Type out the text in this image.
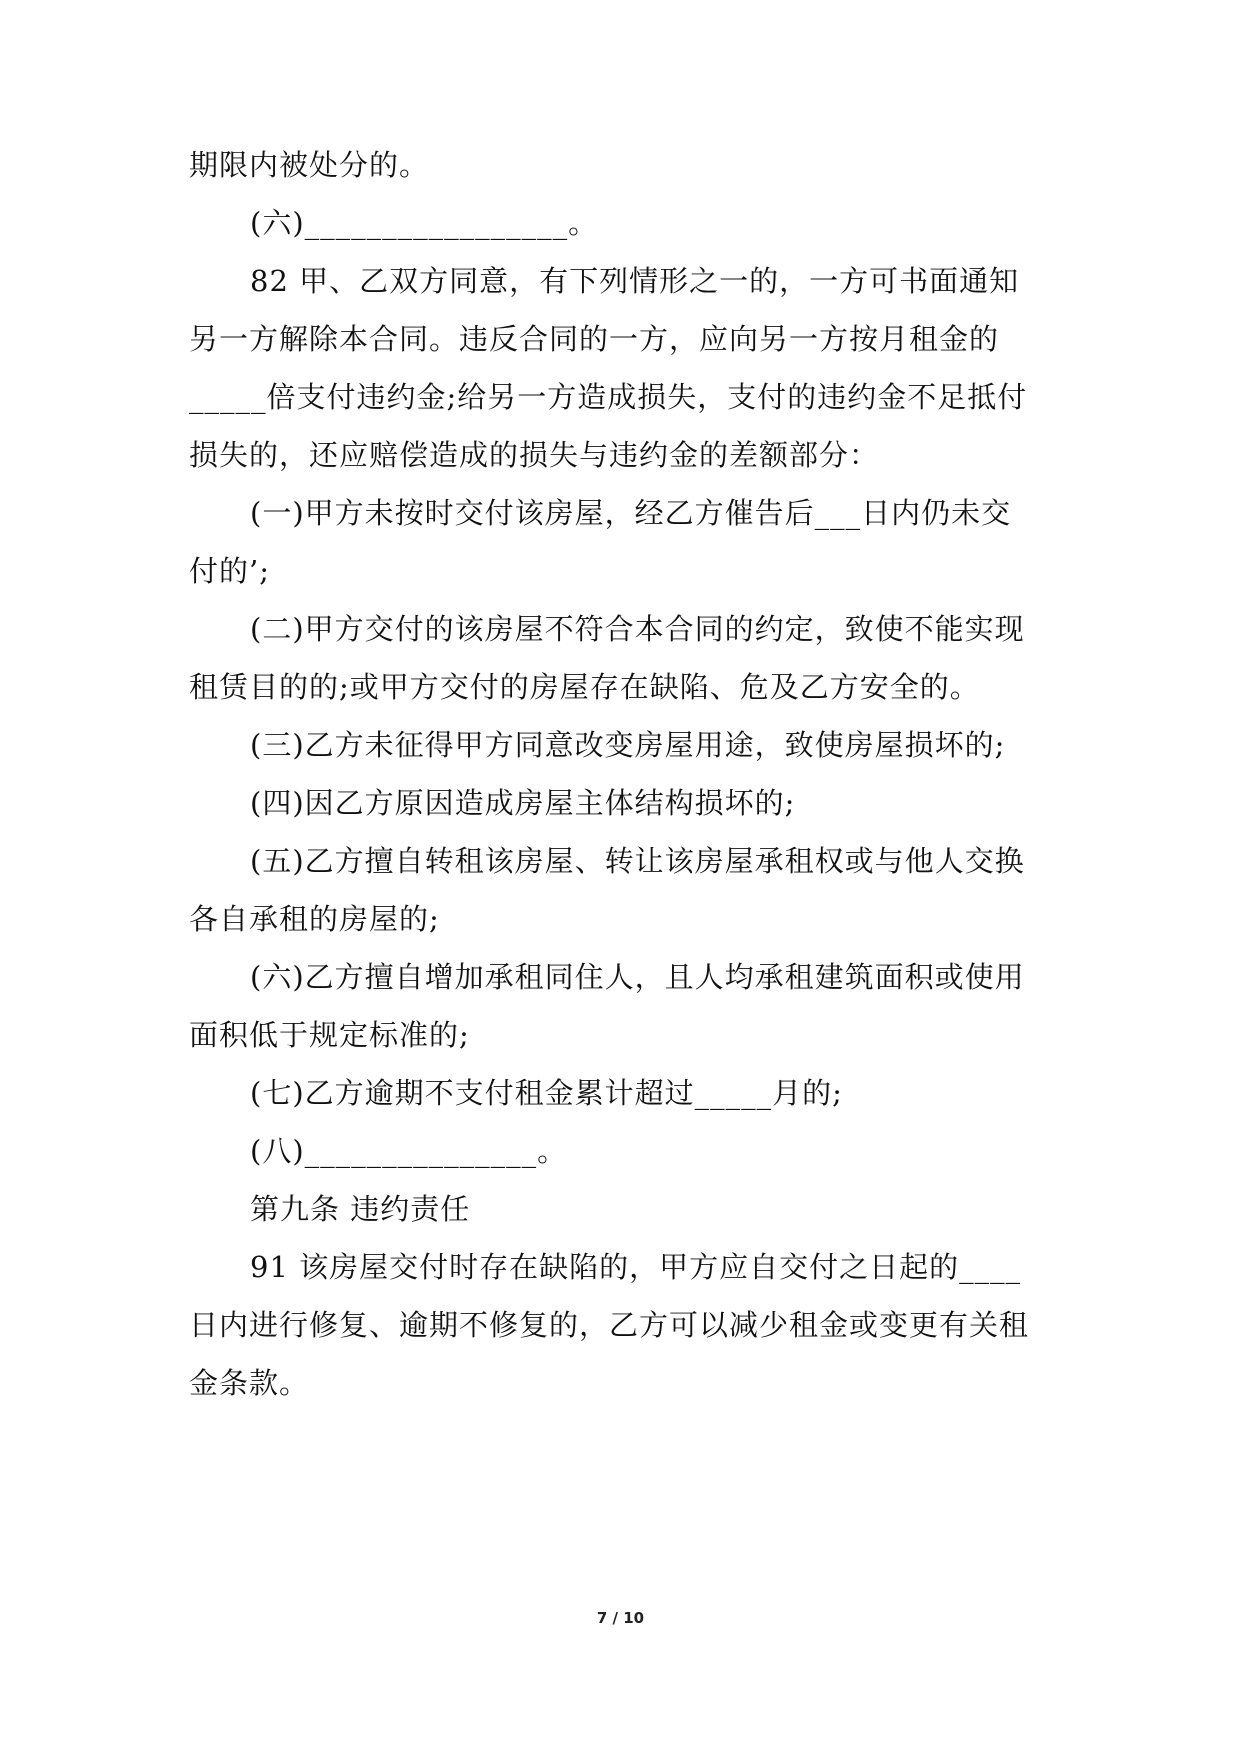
期限内被处分的。
(六)_________________。
82 甲、乙双方同意，有下列情形之一的，一方可书面通知
另一方解除本合同。违反合同的一方，应向另一方按月租金的
_____倍支付违约金;给另一方造成损失，支付的违约金不足抵付
损失的，还应赔偿造成的损失与违约金的差额部分：
(一)甲方未按时交付该房屋，经乙方催告后___日内仍未交
付的’;
(二)甲方交付的该房屋不符合本合同的约定，致使不能实现
租赁目的的;或甲方交付的房屋存在缺陷、危及乙方安全的。
(三)乙方未征得甲方同意改变房屋用途，致使房屋损坏的;
(四)因乙方原因造成房屋主体结构损坏的;
(五)乙方擅自转租该房屋、转让该房屋承租权或与他人交换
各自承租的房屋的;
(六)乙方擅自增加承租同住人，且人均承租建筑面积或使用
面积低于规定标准的;
(七)乙方逾期不支付租金累计超过_____月的;
(八)_______________。
第九条 违约责任
91 该房屋交付时存在缺陷的，甲方应自交付之日起的____
日内进行修复、逾期不修复的，乙方可以减少租金或变更有关租
金条款。
7 / 10
